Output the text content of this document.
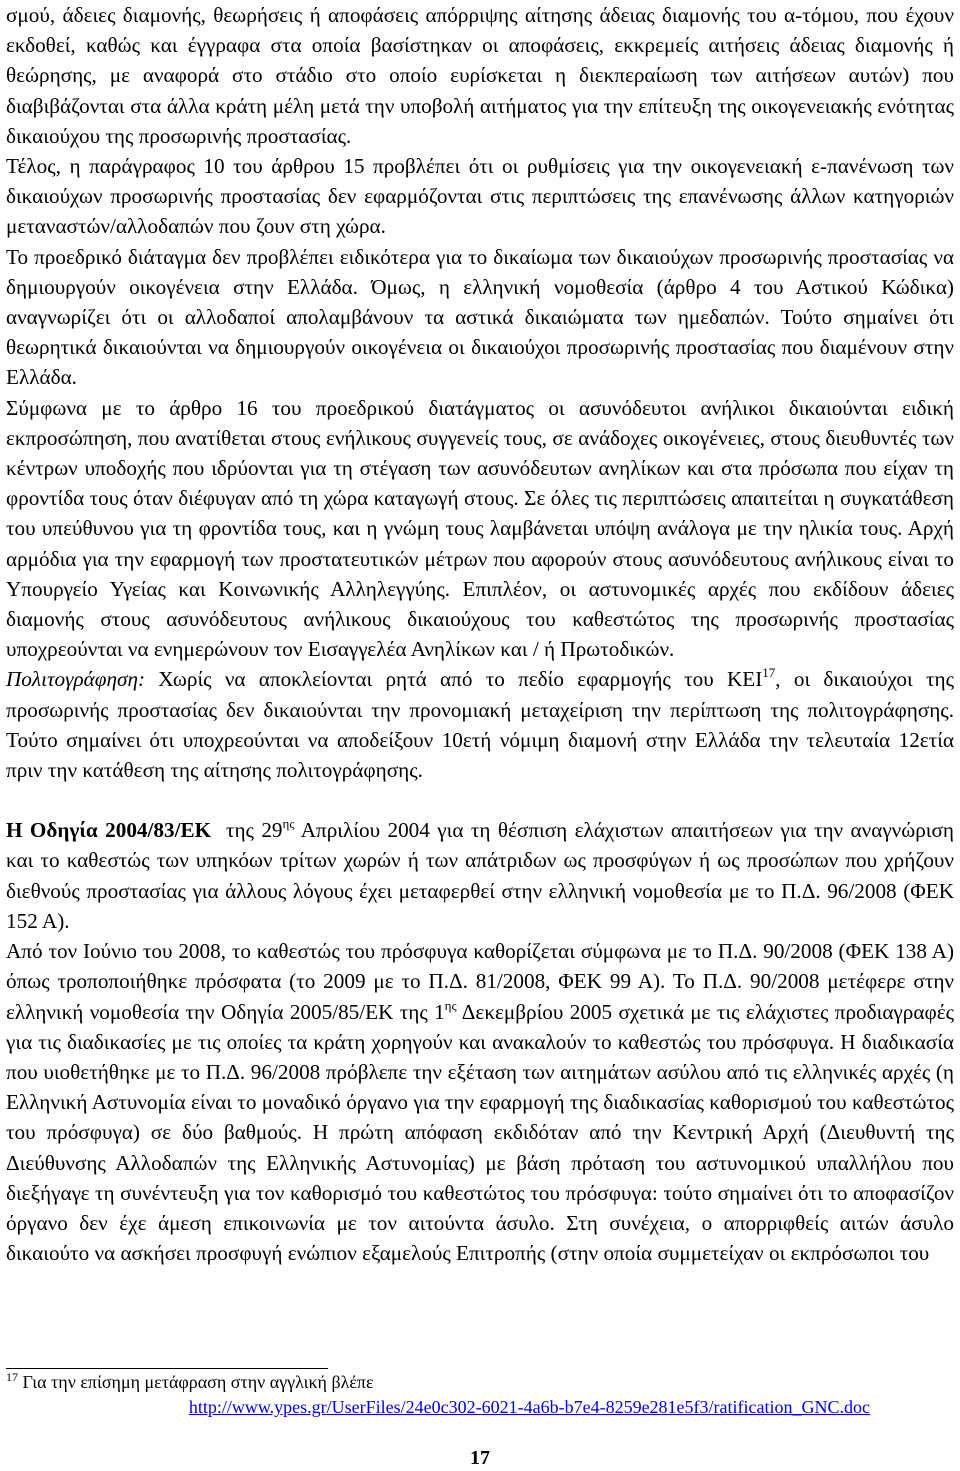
σμού, άδειες διαμονής, θεωρήσεις ή αποφάσεις απόρριψης αίτησης άδειας διαμονής του α-τόμου, που έχουν εκδοθεί, καθώς και έγγραφα στα οποία βασίστηκαν οι αποφάσεις, εκκρεμείς αιτήσεις άδειας διαμονής ή θεώρησης, με αναφορά στο στάδιο στο οποίο ευρίσκεται η διεκπεραίωση των αιτήσεων αυτών) που διαβιβάζονται στα άλλα κράτη μέλη μετά την υποβολή αιτήματος για την επίτευξη της οικογενειακής ενότητας δικαιούχου της προσωρινής προστασίας.

Τέλος, η παράγραφος 10 του άρθρου 15 προβλέπει ότι οι ρυθμίσεις για την οικογενειακή ε-πανένωση των δικαιούχων προσωρινής προστασίας δεν εφαρμόζονται στις περιπτώσεις της επανένωσης άλλων κατηγοριών μεταναστών/αλλοδαπών που ζουν στη χώρα.

Το προεδρικό διάταγμα δεν προβλέπει ειδικότερα για το δικαίωμα των δικαιούχων προσωρινής προστασίας να δημιουργούν οικογένεια στην Ελλάδα. Όμως, η ελληνική νομοθεσία (άρθρο 4 του Αστικού Κώδικα) αναγνωρίζει ότι οι αλλοδαποί απολαμβάνουν τα αστικά δικαιώματα των ημεδαπών. Τούτο σημαίνει ότι θεωρητικά δικαιούνται να δημιουργούν οικογένεια οι δικαιούχοι προσωρινής προστασίας που διαμένουν στην Ελλάδα.

Σύμφωνα με το άρθρο 16 του προεδρικού διατάγματος οι ασυνόδευτοι ανήλικοι δικαιούνται ειδική εκπροσώπηση, που ανατίθεται στους ενήλικους συγγενείς τους, σε ανάδοχες οικογένειες, στους διευθυντές των κέντρων υποδοχής που ιδρύονται για τη στέγαση των ασυνόδευτων ανηλίκων και στα πρόσωπα που είχαν τη φροντίδα τους όταν διέφυγαν από τη χώρα καταγωγή στους. Σε όλες τις περιπτώσεις απαιτείται η συγκατάθεση του υπεύθυνου για τη φροντίδα τους, και η γνώμη τους λαμβάνεται υπόψη ανάλογα με την ηλικία τους. Αρχή αρμόδια για την εφαρμογή των προστατευτικών μέτρων που αφορούν στους ασυνόδευτους ανήλικους είναι το Υπουργείο Υγείας και Κοινωνικής Αλληλεγγύης. Επιπλέον, οι αστυνομικές αρχές που εκδίδουν άδειες διαμονής στους ασυνόδευτους ανήλικους δικαιούχους του καθεστώτος της προσωρινής προστασίας υποχρεούνται να ενημερώνουν τον Εισαγγελέα Ανηλίκων και / ή Πρωτοδικών.

Πολιτογράφηση: Χωρίς να αποκλείονται ρητά από το πεδίο εφαρμογής του ΚΕΙ$^{17}$, οι δικαιούχοι της προσωρινής προστασίας δεν δικαιούνται την προνομιακή μεταχείριση την περίπτωση της πολιτογράφησης. Τούτο σημαίνει ότι υποχρεούνται να αποδείξουν 10ετή νόμιμη διαμονή στην Ελλάδα την τελευταία 12ετία πριν την κατάθεση της αίτησης πολιτογράφησης.

Η Οδηγία 2004/83/ΕΚ  της $29^{\eta\varsigma}$ Απριλίου 2004 για τη θέσπιση ελάχιστων απαιτήσεων για την αναγνώριση και το καθεστώς των υπηκόων τρίτων χωρών ή των απάτριδων ως προσφύγων ή ως προσώπων που χρήζουν διεθνούς προστασίας για άλλους λόγους έχει μεταφερθεί στην ελληνική νομοθεσία με το Π.Δ. 96/2008 (ΦΕΚ 152 Α).

Από τον Ιούνιο του 2008, το καθεστώς του πρόσφυγα καθορίζεται σύμφωνα με το Π.Δ. 90/2008 (ΦΕΚ 138 Α) όπως τροποποιήθηκε πρόσφατα (το 2009 με το Π.Δ. 81/2008, ΦΕΚ 99 Α). Το Π.Δ. 90/2008 μετέφερε στην ελληνική νομοθεσία την Οδηγία 2005/85/ΕΚ της $1^{\eta\varsigma}$ Δεκεμβρίου 2005 σχετικά με τις ελάχιστες προδιαγραφές για τις διαδικασίες με τις οποίες τα κράτη χορηγούν και ανακαλούν το καθεστώς του πρόσφυγα. Η διαδικασία που υιοθετήθηκε με το Π.Δ. 96/2008 πρόβλεπε την εξέταση των αιτημάτων ασύλου από τις ελληνικές αρχές (η Ελληνική Αστυνομία είναι το μοναδικό όργανο για την εφαρμογή της διαδικασίας καθορισμού του καθεστώτος του πρόσφυγα) σε δύο βαθμούς. Η πρώτη απόφαση εκδιδόταν από την Κεντρική Αρχή (Διευθυντή της Διεύθυνσης Αλλοδαπών της Ελληνικής Αστυνομίας) με βάση πρόταση του αστυνομικού υπαλλήλου που διεξήγαγε τη συνέντευξη για τον καθορισμό του καθεστώτος του πρόσφυγα: τούτο σημαίνει ότι το αποφασίζον όργανο δεν έχε άμεση επικοινωνία με τον αιτούντα άσυλο. Στη συνέχεια, ο απορριφθείς αιτών άσυλο δικαιούτο να ασκήσει προσφυγή ενώπιον εξαμελούς Επιτροπής (στην οποία συμμετείχαν οι εκπρόσωποι του

$^{17}$ Για την επίσημη μετάφραση στην αγγλική βλέπε
http://www.ypes.gr/UserFiles/24e0c302-6021-4a6b-b7e4-8259e281e5f3/ratification_GNC.doc
17
